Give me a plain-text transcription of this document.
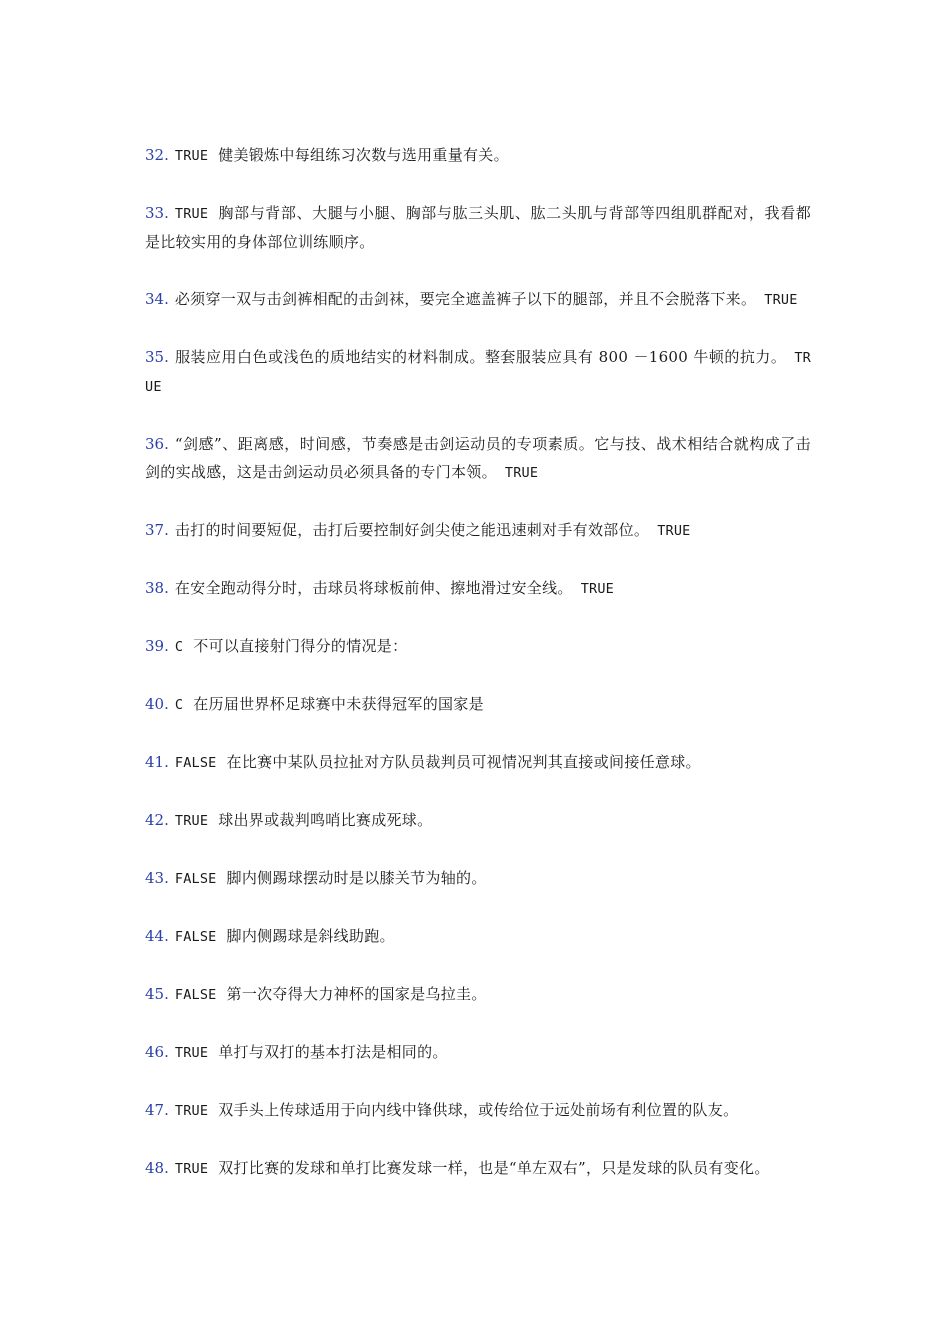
32. TRUE 健美锻炼中每组练习次数与选用重量有关。

33. TRUE 胸部与背部、大腿与小腿、胸部与肱三头肌、肱二头肌与背部等四组肌群配对，我看都是比较实用的身体部位训练顺序。

34. 必须穿一双与击剑裤相配的击剑袜，要完全遮盖裤子以下的腿部，并且不会脱落下来。 TRUE

35. 服装应用白色或浅色的质地结实的材料制成。整套服装应具有 800 －1600 牛顿的抗力。 TRUE

36. “剑感”、距离感，时间感，节奏感是击剑运动员的专项素质。它与技、战术相结合就构成了击剑的实战感，这是击剑运动员必须具备的专门本领。 TRUE

37. 击打的时间要短促，击打后要控制好剑尖使之能迅速刺对手有效部位。 TRUE

38. 在安全跑动得分时，击球员将球板前伸、擦地滑过安全线。 TRUE

39. C 不可以直接射门得分的情况是：

40. C 在历届世界杯足球赛中未获得冠军的国家是

41. FALSE 在比赛中某队员拉扯对方队员裁判员可视情况判其直接或间接任意球。

42. TRUE 球出界或裁判鸣哨比赛成死球。

43. FALSE 脚内侧踢球摆动时是以膝关节为轴的。

44. FALSE 脚内侧踢球是斜线助跑。

45. FALSE 第一次夺得大力神杯的国家是乌拉圭。

46. TRUE 单打与双打的基本打法是相同的。

47. TRUE 双手头上传球适用于向内线中锋供球，或传给位于远处前场有利位置的队友。

48. TRUE 双打比赛的发球和单打比赛发球一样，也是“单左双右”，只是发球的队员有变化。
